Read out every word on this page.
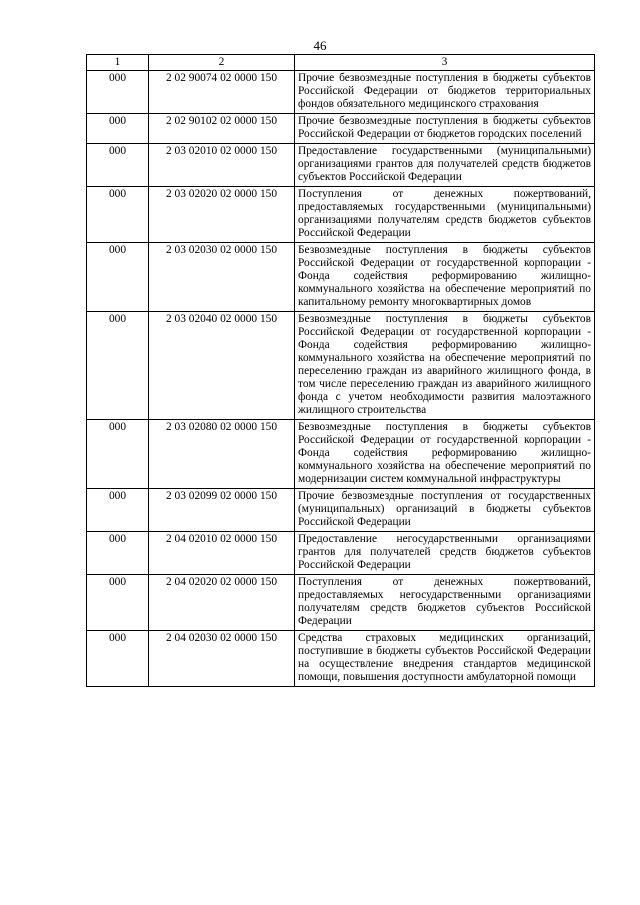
46
1	2	3
000	2 02 90074 02 0000 150	Прочие безвозмездные поступления в бюджеты субъектов Российской Федерации от бюджетов территориальных фондов обязательного медицинского страхования
000	2 02 90102 02 0000 150	Прочие безвозмездные поступления в бюджеты субъектов Российской Федерации от бюджетов городских поселений
000	2 03 02010 02 0000 150	Предоставление государственными (муниципальными) организациями грантов для получателей средств бюджетов субъектов Российской Федерации
000	2 03 02020 02 0000 150	Поступления от денежных пожертвований, предоставляемых государственными (муниципальными) организациями получателям средств бюджетов субъектов Российской Федерации
000	2 03 02030 02 0000 150	Безвозмездные поступления в бюджеты субъектов Российской Федерации от государственной корпорации - Фонда содействия реформированию жилищно-коммунального хозяйства на обеспечение мероприятий по капитальному ремонту многоквартирных домов
000	2 03 02040 02 0000 150	Безвозмездные поступления в бюджеты субъектов Российской Федерации от государственной корпорации - Фонда содействия реформированию жилищно-коммунального хозяйства на обеспечение мероприятий по переселению граждан из аварийного жилищного фонда, в том числе переселению граждан из аварийного жилищного фонда с учетом необходимости развития малоэтажного жилищного строительства
000	2 03 02080 02 0000 150	Безвозмездные поступления в бюджеты субъектов Российской Федерации от государственной корпорации - Фонда содействия реформированию жилищно-коммунального хозяйства на обеспечение мероприятий по модернизации систем коммунальной инфраструктуры
000	2 03 02099 02 0000 150	Прочие безвозмездные поступления от государственных (муниципальных) организаций в бюджеты субъектов Российской Федерации
000	2 04 02010 02 0000 150	Предоставление негосударственными организациями грантов для получателей средств бюджетов субъектов Российской Федерации
000	2 04 02020 02 0000 150	Поступления от денежных пожертвований, предоставляемых негосударственными организациями получателям средств бюджетов субъектов Российской Федерации
000	2 04 02030 02 0000 150	Средства страховых медицинских организаций, поступившие в бюджеты субъектов Российской Федерации на осуществление внедрения стандартов медицинской помощи, повышения доступности амбулаторной помощи
